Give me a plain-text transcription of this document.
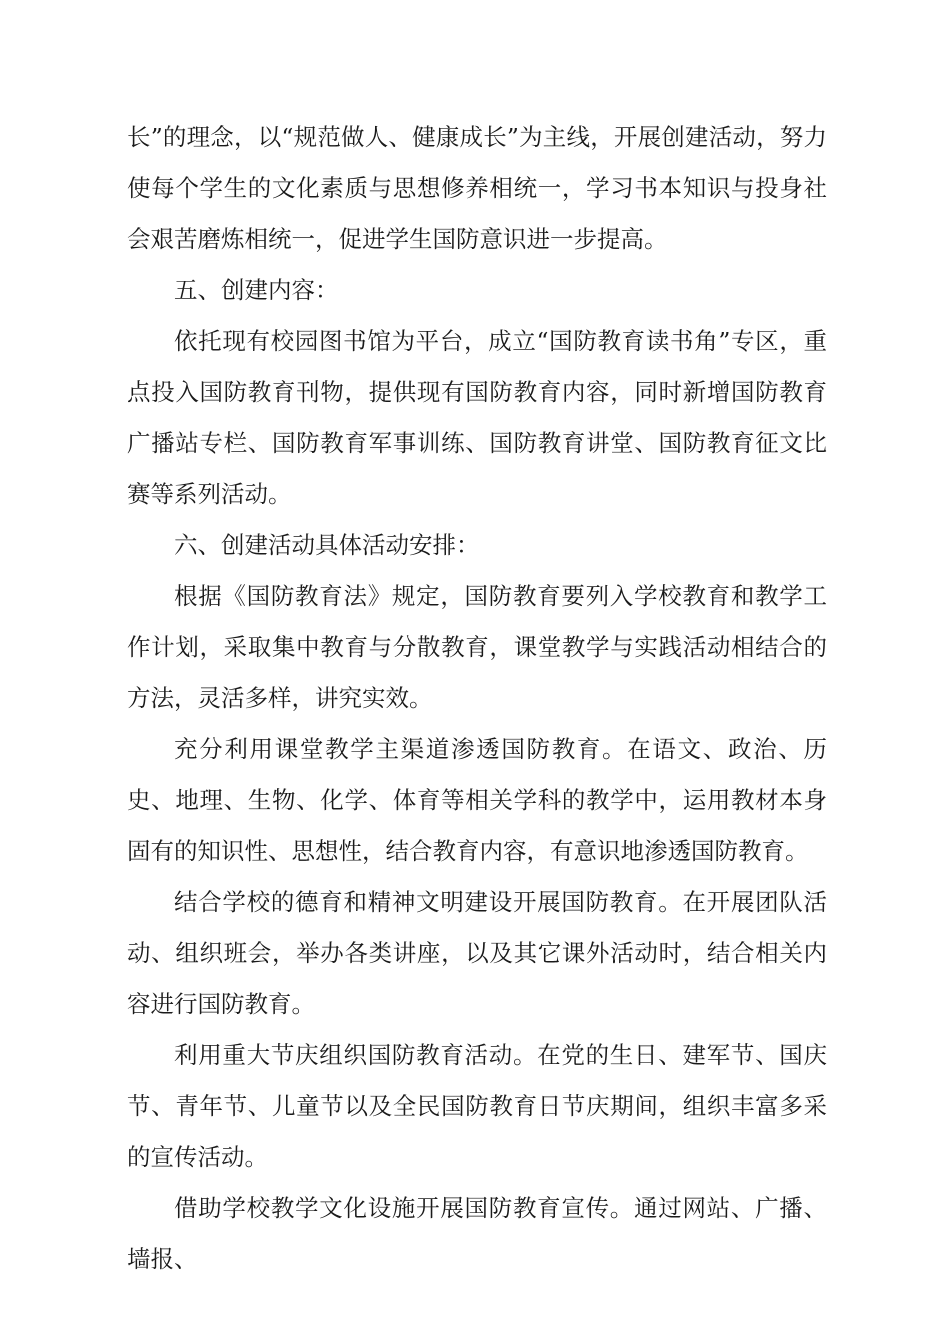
长”的理念，以“规范做人、健康成长”为主线，开展创建活动，努力使每个学生的文化素质与思想修养相统一，学习书本知识与投身社会艰苦磨炼相统一，促进学生国防意识进一步提高。

五、创建内容：

依托现有校园图书馆为平台，成立“国防教育读书角”专区，重点投入国防教育刊物，提供现有国防教育内容，同时新增国防教育广播站专栏、国防教育军事训练、国防教育讲堂、国防教育征文比赛等系列活动。

六、创建活动具体活动安排：

根据《国防教育法》规定，国防教育要列入学校教育和教学工作计划，采取集中教育与分散教育，课堂教学与实践活动相结合的方法，灵活多样，讲究实效。

充分利用课堂教学主渠道渗透国防教育。在语文、政治、历史、地理、生物、化学、体育等相关学科的教学中，运用教材本身固有的知识性、思想性，结合教育内容，有意识地渗透国防教育。

结合学校的德育和精神文明建设开展国防教育。在开展团队活动、组织班会，举办各类讲座，以及其它课外活动时，结合相关内容进行国防教育。

利用重大节庆组织国防教育活动。在党的生日、建军节、国庆节、青年节、儿童节以及全民国防教育日节庆期间，组织丰富多采的宣传活动。

借助学校教学文化设施开展国防教育宣传。通过网站、广播、墙报、
